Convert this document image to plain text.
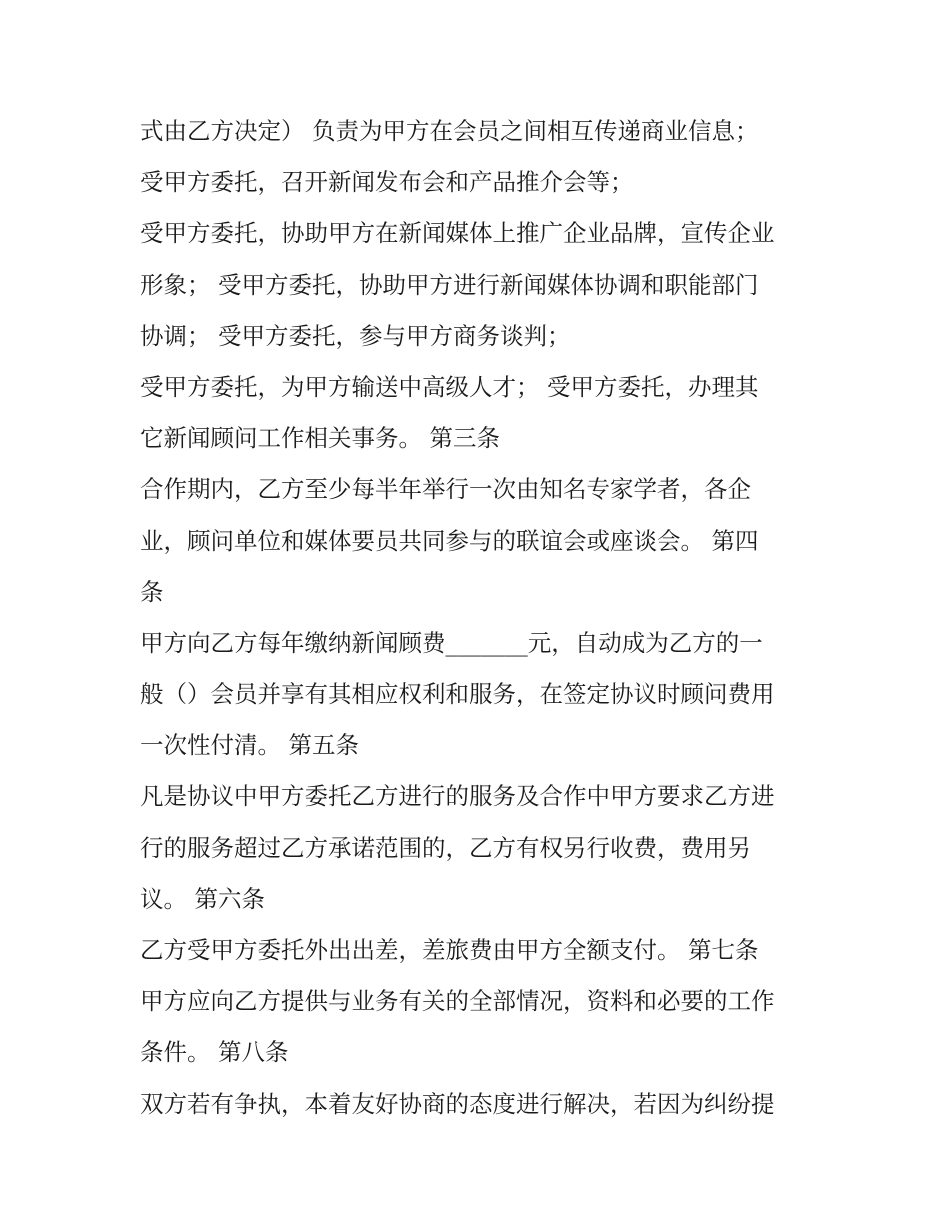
式由乙方决定） 负责为甲方在会员之间相互传递商业信息；
受甲方委托，召开新闻发布会和产品推介会等；
受甲方委托，协助甲方在新闻媒体上推广企业品牌，宣传企业
形象； 受甲方委托，协助甲方进行新闻媒体协调和职能部门
协调； 受甲方委托，参与甲方商务谈判；
受甲方委托，为甲方输送中高级人才； 受甲方委托，办理其
它新闻顾问工作相关事务。 第三条
合作期内，乙方至少每半年举行一次由知名专家学者，各企
业，顾问单位和媒体要员共同参与的联谊会或座谈会。 第四
条
甲方向乙方每年缴纳新闻顾费_______元，自动成为乙方的一
般（）会员并享有其相应权利和服务，在签定协议时顾问费用
一次性付清。 第五条
凡是协议中甲方委托乙方进行的服务及合作中甲方要求乙方进
行的服务超过乙方承诺范围的，乙方有权另行收费，费用另
议。 第六条
乙方受甲方委托外出出差，差旅费由甲方全额支付。 第七条
甲方应向乙方提供与业务有关的全部情况，资料和必要的工作
条件。 第八条
双方若有争执，本着友好协商的态度进行解决，若因为纠纷提
